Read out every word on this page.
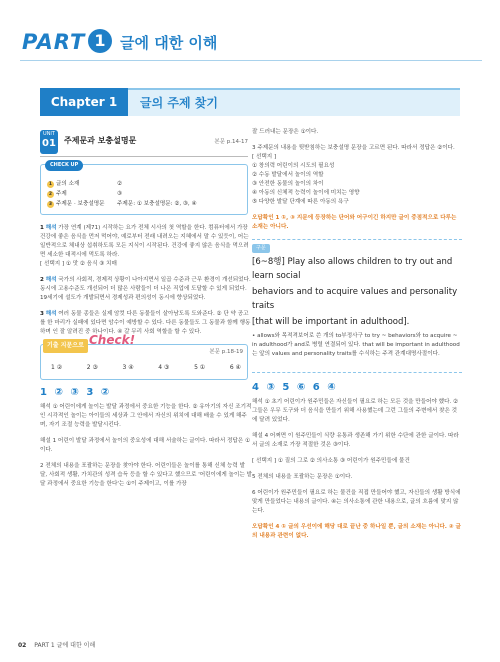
PART 1 글에 대한 이해
Chapter 1	글의 주제 찾기
UNIT
01 주제문과 보충설명문	본문 p.14-17
CHECK UP
1 글의 소재	②
2 주제	③
3 주제문 · 보충설명문	주제문: ① 보충설명문: ②, ③, ④
1 해석 가장 연계 (제71) 시작하는 요가 전체 시사의 첫 역할을 한다. 컴퓨터에서 가장 건강에 좋은 음식을 먼저 먹어야, 예로부터 전래 내려오는 지혜에서 말 수 있듯이, 어는 일반적으로 체내상 섭취하도록 모든 지식이 시작된다. 건강에 좋지 않은 음식을 먹으려면 세소한 대적시에 먹도록 하라.
[ 선택지 ] ① 맛 ② 음식 ③ 치매
2 해석 국가의 사회적, 경제적 상황이 나아지면서 일곱 수준과 근무 환경이 개선되었다. 동시에 고용수준도 개선되어 더 많은 사람들이 더 나은 직업에 도달할 수 있게 되었다. 19세기에 설도가 개발되면서 경제성과 편의성이 동시에 향상되었다.
3 해석 여러 동물 종들은 실제 암컷 다른 동물들이 살아남도록 도와준다. ② 단 약 공고를 한 마리가 실패에 있다면 암수이 예방할 수 있다. 다른 동물들도 그 동물과 함께 행동하며 인 잘 알려진 중 하나이다. ④ 갈 무리 사회 역할을 할 수 있다.
기출 지문으로 Check!
본문 p.18-19
1 ②	2 ③	3 ④	4 ③	5 ①	6 ④
1 ② ③ 3 ②
해석 ① 어린이에게 놀이는 발달 과정에서 중요한 기능을 한다. ② 유아기의 자신 조기적인 시각적인 놀이는 아이들의 세상과 그 안에서 자신의 위치에 대해 배울 수 있게 해주며, 자기 조절 능력을 발달시킨다.
해설 1 어린이 발달 과정에서 놀이의 중요성에 대해 서술하는 글이다. 따라서 정답은 ①이다.
2 전체의 내용을 포괄하는 문장을 찾아야 한다. 어린이들은 놀이를 통해 신체 능력 발달, 사회적 생활, 가치관의 성격 습득 등을 할 수 있다고 했으므로 '어린이에게 놀이는 발달 과정에서 중요한 기능을 한다'는 ①이 주제이고, 이를 가장
잘 드러내는 문장은 ①이다.
3 주제문의 내용을 뒷받침하는 보충설명 문장을 고르면 된다. 따라서 정답은 ②이다.
[ 선택지 ]
① 창의력 어린이의 시도의 필요성
② 수동 발달에서 놀이의 역할
③ 안전한 동물의 놀이의 차이
④ 아동의 신체적 능력이 놀이에 미치는 영향
⑤ 다양한 발달 단계에 따른 아동의 욕구
오답확인 1 ①, ③ 지문에 등장하는 단어와 어구이긴 하지만 글이 중점적으로 다루는 소재는 아니다.
구문
[6~8행] Play also allows children to try out and learn social
behaviors and to acquire values and personality traits
[that will be important in adulthood].
• allows와 목적격보어로 쓴 개의 to부정사구 to try ~ behaviors와 to acquire ~ in adulthood가 and로 병렬 연결되어 있다. that will be important in adulthood는 앞의 values and personality traits를 수식하는 주격 관계대명사절이다.
4 ③ 5 ⑥ 6 ④
해석 ① 초기 어린이가 원주민들은 자신들이 필요로 하는 모든 것을 만들어야 했다. ② 그들은 우무 도구와 더 음식을 만들기 위해 사용했는데 그런 그들의 주변에서 찾은 것에 달려 있었다.
해설 4 어쩌면 이 원주민들이 식량 유통과 생존해 가기 위한 수단에 관한 글이다. 따라서 글의 소재로 가장 적절한 것은 ③이다.
[ 선택지 ] ① 질의 그로 ② 의사소통 ③ 어린이가 원주민들에 물건
5 전체의 내용을 포괄하는 문장은 ①이다.
6 어린이가 원주민들이 필요로 하는 물건을 직접 만들어야 했고, 자신들의 생활 방식에 맞게 만들었다는 내용의 글이다. ④는 의사소통에 관한 내용으로, 글의 흐름에 맞지 않는다.
오답확인 4 ① 글의 우선이에 해당 대로 끝난 중 하나일 뿐, 글의 소재는 아니다. ② 글의 내용과 관련이 없다.
02 PART 1 글에 대한 이해
